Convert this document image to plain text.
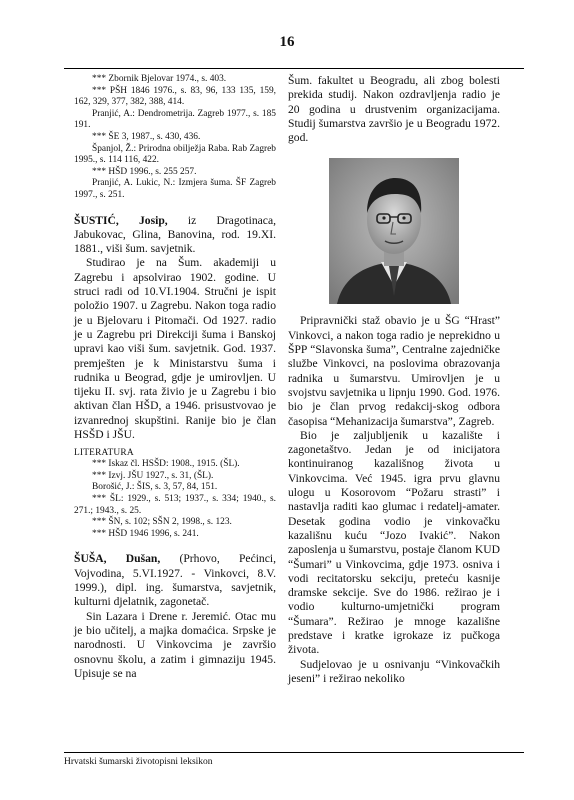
16

*** Zbornik Bjelovar 1974., s. 403.

*** PŠH 1846 1976., s. 83, 96, 133 135, 159, 162, 329, 377, 382, 388, 414.

Pranjić, A.: Dendrometrija. Zagreb 1977., s. 185 191.

*** ŠE 3, 1987., s. 430, 436.

Španjol, Ž.: Prirodna obilježja Raba. Rab Zagreb 1995., s. 114 116, 422.

*** HŠD 1996., s. 255 257.

Pranjić, A. Lukic, N.: Izmjera šuma. ŠF Zagreb 1997., s. 251.

ŠUSTIĆ, Josip, iz Dragotinaca, Jabukovac, Glina, Banovina, rod. 19.XI. 1881., viši šum. savjetnik.

Studirao je na Šum. akademiji u Zagrebu i apsolvirao 1902. godine. U struci radi od 10.VI.1904. Stručni je ispit položio 1907. u Zagrebu. Nakon toga radio je u Bjelovaru i Pitomači. Od 1927. radio je u Zagrebu pri Direkciji šuma i Banskoj upravi kao viši šum. savjetnik. God. 1937. premješten je k Ministarstvu šuma i rudnika u Beograd, gdje je umirovljen. U tijeku II. svj. rata živio je u Zagrebu i bio aktivan član HŠD, a 1946. prisustvovao je izvanrednoj skupštini. Ranije bio je član HSŠD i JŠU.

LITERATURA

*** Iskaz čl. HSŠD: 1908., 1915. (ŠL).

*** Izvj. JŠU 1927., s. 31, (ŠL).

Borošić, J.: ŠIS, s. 3, 57, 84, 151.

*** ŠL: 1929., s. 513; 1937., s. 334; 1940., s. 271.; 1943., s. 25.

*** ŠN, s. 102; SŠN 2, 1998., s. 123.

*** HŠD 1946 1996, s. 241.

ŠUŠA, Dušan, (Prhovo, Pećinci, Vojvodina, 5.VI.1927. - Vinkovci, 8.V. 1999.), dipl. ing. šumarstva, savjetnik, kulturni djelatnik, zagonetač.

Sin Lazara i Drene r. Jeremić. Otac mu je bio učitelj, a majka domaćica. Srpske je narodnosti. U Vinkovcima je završio osnovnu školu, a zatim i gimnaziju 1945. Upisuje se na

Šum. fakultet u Beogradu, ali zbog bolesti prekida studij. Nakon ozdravljenja radio je 20 godina u drustvenim organizacijama. Studij šumarstva završio je u Beogradu 1972. god.

Pripravnički staž obavio je u ŠG “Hrast” Vinkovci, a nakon toga radio je neprekidno u ŠPP “Slavonska šuma”, Centralne zajedničke službe Vinkovci, na poslovima obrazovanja radnika u šumarstvu. Umirovljen je u svojstvu savjetnika u lipnju 1990. God. 1976. bio je član prvog redakcij-skog odbora časopisa “Mehanizacija šumarstva”, Zagreb.

Bio je zaljubljenik u kazalište i zagonetaštvo. Jedan je od inicijatora kontinuiranog kazališnog života u Vinkovcima. Već 1945. igra prvu glavnu ulogu u Kosorovom “Požaru strasti” i nastavlja raditi kao glumac i redatelj-amater. Desetak godina vodio je vinkovačku kazališnu kuću “Jozo Ivakić”. Nakon zaposlenja u šumarstvu, postaje članom KUD “Šumari” u Vinkovcima, gdje 1973. osniva i vodi recitatorsku sekciju, preteću kasnije dramske sekcije. Sve do 1986. režirao je i vodio kulturno-umjetnički program “Šumara”. Režirao je mnoge kazališne predstave i kratke igrokaze iz pučkoga života.

Sudjelovao je u osnivanju “Vinkovačkih jeseni” i režirao nekoliko

Hrvatski šumarski životopisni leksikon
